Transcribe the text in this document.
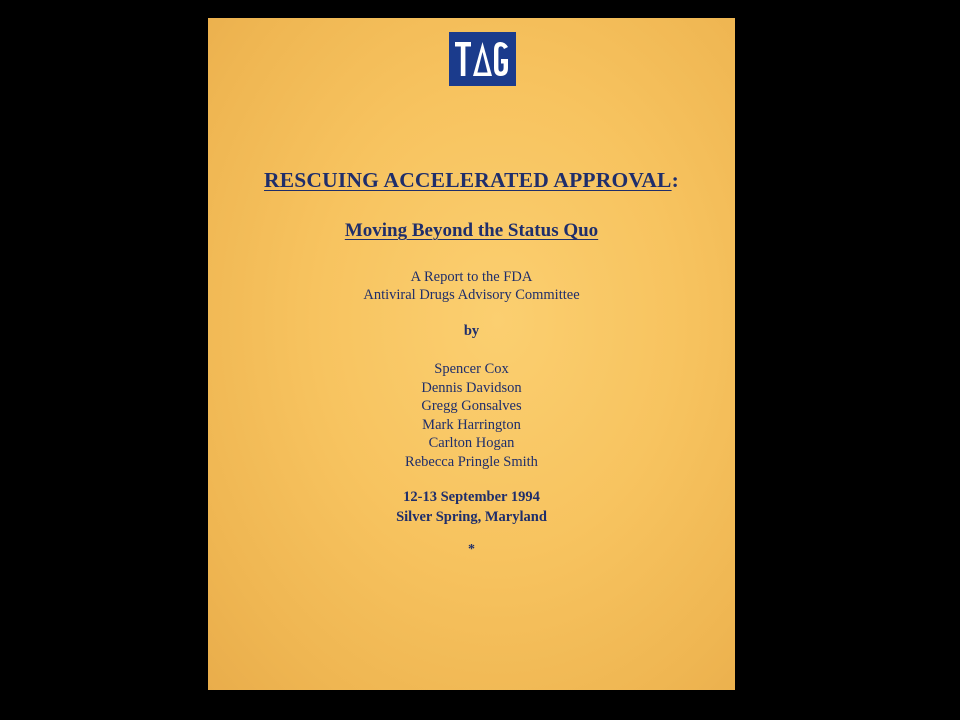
RESCUING ACCELERATED APPROVAL:
Moving Beyond the Status Quo
A Report to the FDA
Antiviral Drugs Advisory Committee
by
Spencer Cox
Dennis Davidson
Gregg Gonsalves
Mark Harrington
Carlton Hogan
Rebecca Pringle Smith
12-13 September 1994
Silver Spring, Maryland
*
